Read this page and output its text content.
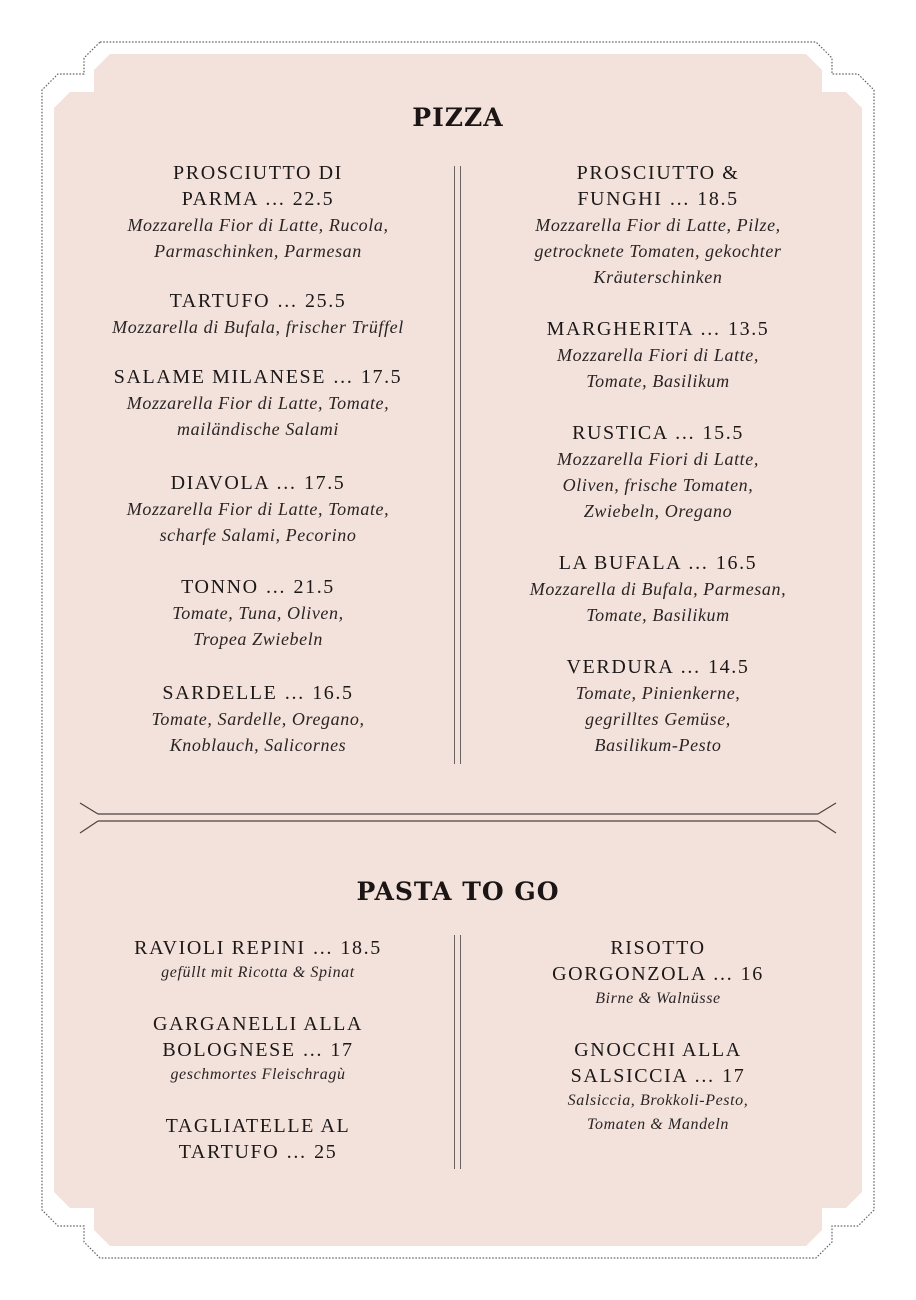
PIZZA
PROSCIUTTO DI PARMA … 22.5
Mozzarella Fior di Latte, Rucola, Parmaschinken, Parmesan
TARTUFO … 25.5
Mozzarella di Bufala, frischer Trüffel
SALAME MILANESE … 17.5
Mozzarella Fior di Latte, Tomate, mailändische Salami
DIAVOLA … 17.5
Mozzarella Fior di Latte, Tomate, scharfe Salami, Pecorino
TONNO … 21.5
Tomate, Tuna, Oliven, Tropea Zwiebeln
SARDELLE … 16.5
Tomate, Sardelle, Oregano, Knoblauch, Salicornes
PROSCIUTTO & FUNGHI … 18.5
Mozzarella Fior di Latte, Pilze, getrocknete Tomaten, gekochter Kräuterschinken
MARGHERITA … 13.5
Mozzarella Fiori di Latte, Tomate, Basilikum
RUSTICA … 15.5
Mozzarella Fiori di Latte, Oliven, frische Tomaten, Zwiebeln, Oregano
LA BUFALA … 16.5
Mozzarella di Bufala, Parmesan, Tomate, Basilikum
VERDURA … 14.5
Tomate, Pinienkerne, gegrilltes Gemüse, Basilikum-Pesto
PASTA TO GO
RAVIOLI REPINI … 18.5
gefüllt mit Ricotta & Spinat
GARGANELLI ALLA BOLOGNESE … 17
geschmortes Fleischragù
TAGLIATELLE AL TARTUFO … 25
RISOTTO GORGONZOLA … 16
Birne & Walnüsse
GNOCCHI ALLA SALSICCIA … 17
Salsiccia, Brokkoli-Pesto, Tomaten & Mandeln
